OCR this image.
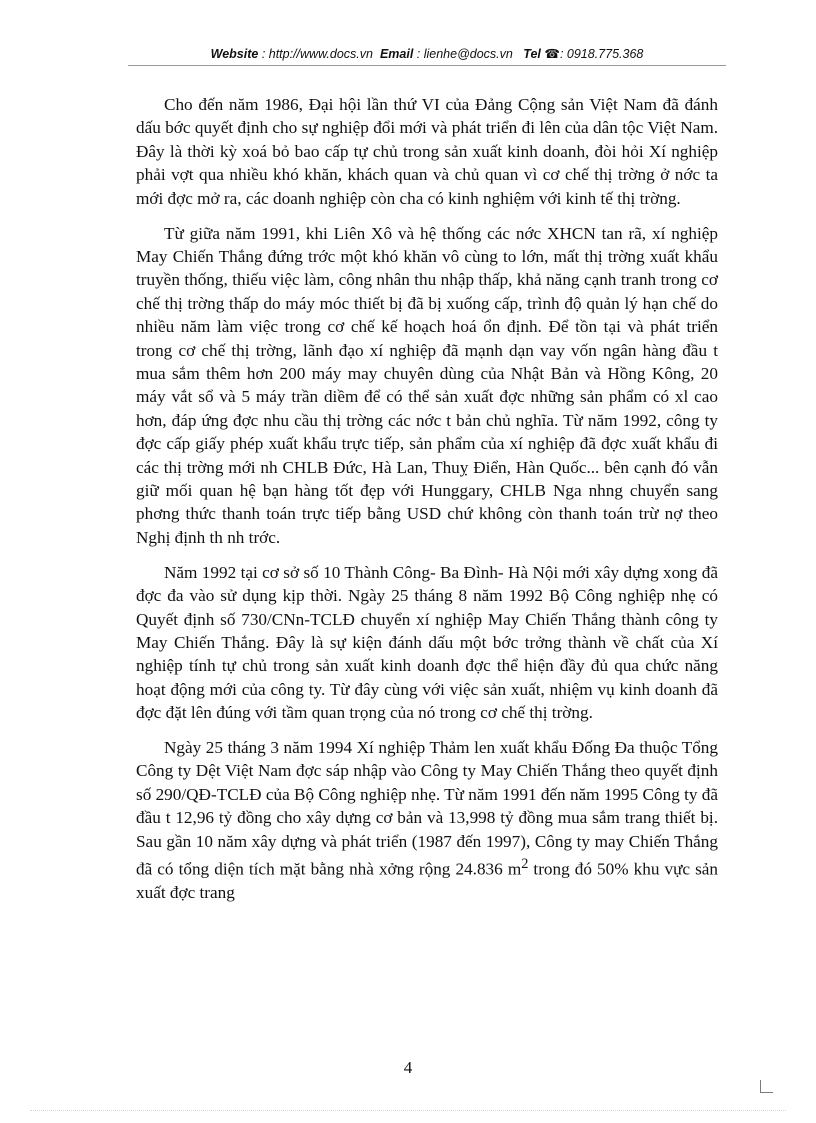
Website : http://www.docs.vn Email : lienhe@docs.vn Tel ☎: 0918.775.368

Cho đến năm 1986, Đại hội lần thứ VI của Đảng Cộng sản Việt Nam đã đánh dấu bớc quyết định cho sự nghiệp đổi mới và phát triển đi lên của dân tộc Việt Nam. Đây là thời kỳ xoá bỏ bao cấp tự chủ trong sản xuất kinh doanh, đòi hỏi Xí nghiệp phải vợt qua nhiều khó khăn, khách quan và chủ quan vì cơ chế thị trờng ở nớc ta mới đợc mở ra, các doanh nghiệp còn cha có kinh nghiệm với kinh tế thị trờng.

Từ giữa năm 1991, khi Liên Xô và hệ thống các nớc XHCN tan rã, xí nghiệp May Chiến Thắng đứng trớc một khó khăn vô cùng to lớn, mất thị trờng xuất khẩu truyền thống, thiếu việc làm, công nhân thu nhập thấp, khả năng cạnh tranh trong cơ chế thị trờng thấp do máy móc thiết bị đã bị xuống cấp, trình độ quản lý hạn chế do nhiều năm làm việc trong cơ chế kế hoạch hoá ổn định. Để tồn tại và phát triển trong cơ chế thị trờng, lãnh đạo xí nghiệp đã mạnh dạn vay vốn ngân hàng đầu t mua sắm thêm hơn 200 máy may chuyên dùng của Nhật Bản và Hồng Kông, 20 máy vắt sổ và 5 máy trần diềm để có thể sản xuất đợc những sản phẩm có xl cao hơn, đáp ứng đợc nhu cầu thị trờng các nớc t bản chủ nghĩa. Từ năm 1992, công ty đợc cấp giấy phép xuất khẩu trực tiếp, sản phẩm của xí nghiệp đã đợc xuất khẩu đi các thị trờng mới nh CHLB Đức, Hà Lan, Thuỵ Điển, Hàn Quốc... bên cạnh đó vẫn giữ mối quan hệ bạn hàng tốt đẹp với Hunggary, CHLB Nga nhng chuyển sang phơng thức thanh toán trực tiếp bằng USD chứ không còn thanh toán trừ nợ theo Nghị định th nh trớc.

Năm 1992 tại cơ sở số 10 Thành Công- Ba Đình- Hà Nội mới xây dựng xong đã đợc đa vào sử dụng kịp thời. Ngày 25 tháng 8 năm 1992 Bộ Công nghiệp nhẹ có Quyết định số 730/CNn-TCLĐ chuyển xí nghiệp May Chiến Thắng thành công ty May Chiến Thắng. Đây là sự kiện đánh dấu một bớc trởng thành về chất của Xí nghiệp tính tự chủ trong sản xuất kinh doanh đợc thể hiện đầy đủ qua chức năng hoạt động mới của công ty. Từ đây cùng với việc sản xuất, nhiệm vụ kinh doanh đã đợc đặt lên đúng với tầm quan trọng của nó trong cơ chế thị trờng.

Ngày 25 tháng 3 năm 1994 Xí nghiệp Thảm len xuất khẩu Đống Đa thuộc Tổng Công ty Dệt Việt Nam đợc sáp nhập vào Công ty May Chiến Thắng theo quyết định số 290/QĐ-TCLĐ của Bộ Công nghiệp nhẹ. Từ năm 1991 đến năm 1995 Công ty đã đầu t 12,96 tỷ đồng cho xây dựng cơ bản và 13,998 tỷ đồng mua sắm trang thiết bị. Sau gần 10 năm xây dựng và phát triển (1987 đến 1997), Công ty may Chiến Thắng đã có tổng diện tích mặt bằng nhà xởng rộng 24.836 $m^2$ trong đó 50% khu vực sản xuất đợc trang

4
